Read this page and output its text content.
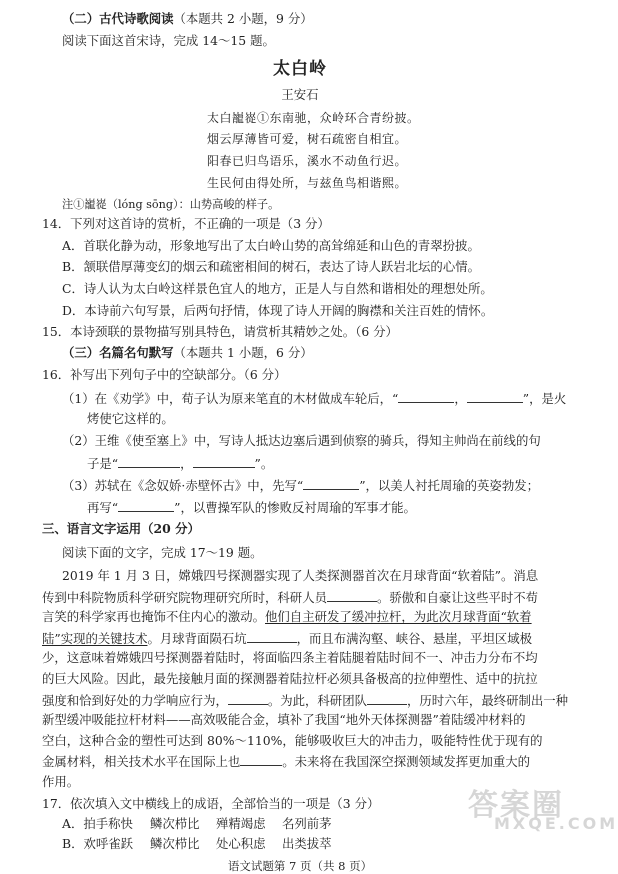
（二）古代诗歌阅读（本题共 2 小题，9 分）
阅读下面这首宋诗，完成 14～15 题。
太白岭
王安石
太白巃嵸①东南驰，众岭环合青纷披。
烟云厚薄皆可爱，树石疏密自相宜。
阳春已归鸟语乐，溪水不动鱼行迟。
生民何由得处所，与兹鱼鸟相谐熙。
注①巃嵸（lóng sōng）：山势高峻的样子。
14．下列对这首诗的赏析，不正确的一项是（3 分）
A．首联化静为动，形象地写出了太白岭山势的高耸绵延和山色的青翠扮披。
B．颔联借厚薄变幻的烟云和疏密相间的树石，表达了诗人跃岩北坛的心情。
C．诗人认为太白岭这样景色宜人的地方，正是人与自然和谐相处的理想处所。
D．本诗前六句写景，后两句抒情，体现了诗人开阔的胸襟和关注百姓的情怀。
15．本诗颈联的景物描写别具特色，请赏析其精妙之处。（6 分）
（三）名篇名句默写（本题共 1 小题，6 分）
16．补写出下列句子中的空缺部分。（6 分）
（1）在《劝学》中，荀子认为原来笔直的木材做成车轮后，“	，	”，是火
烤使它这样的。
（2）王维《使至塞上》中，写诗人抵达边塞后遇到侦察的骑兵，得知主帅尚在前线的句
子是“	，	”。
（3）苏轼在《念奴娇·赤壁怀古》中，先写“	”，以美人衬托周瑜的英姿勃发；
再写“	”，以曹操军队的惨败反衬周瑜的军事才能。
三、语言文字运用（20 分）
阅读下面的文字，完成 17～19 题。
2019 年 1 月 3 日，嫦娥四号探测器实现了人类探测器首次在月球背面“软着陆”。消息
传到中科院物质科学研究院物理研究所时，科研人员	。骄傲和自豪让这些平时不苟
言笑的科学家再也掩饰不住内心的激动。他们自主研发了缓冲拉杆，为此次月球背面“软着
陆”实现的关键技术。月球背面陨石坑	，而且布满沟壑、峡谷、悬崖，平坦区域极
少，这意味着嫦娥四号探测器着陆时，将面临四条主着陆腿着陆时间不一、冲击力分布不均
的巨大风险。因此，最先接触月面的探测器着陆拉杆必须具备极高的拉伸塑性、适中的抗拉
强度和恰到好处的力学响应行为，	。为此，科研团队	，历时六年，最终研制出一种
新型缓冲吸能拉杆材料——高效吸能合金，填补了我国“地外天体探测器”着陆缓冲材料的
空白，这种合金的塑性可达到 80%～110%，能够吸收巨大的冲击力，吸能特性优于现有的
金属材料，相关技术水平在国际上也	。未来将在我国深空探测领域发挥更加重大的
作用。
语文试题第 7 页（共 8 页）
答案圈
MXQE.COM
17．依次填入文中横线上的成语，全部恰当的一项是（3 分）
A．拍手称快 鳞次栉比 殚精竭虑 名列前茅
B．欢呼雀跃 鳞次栉比 处心积虑 出类拔萃
